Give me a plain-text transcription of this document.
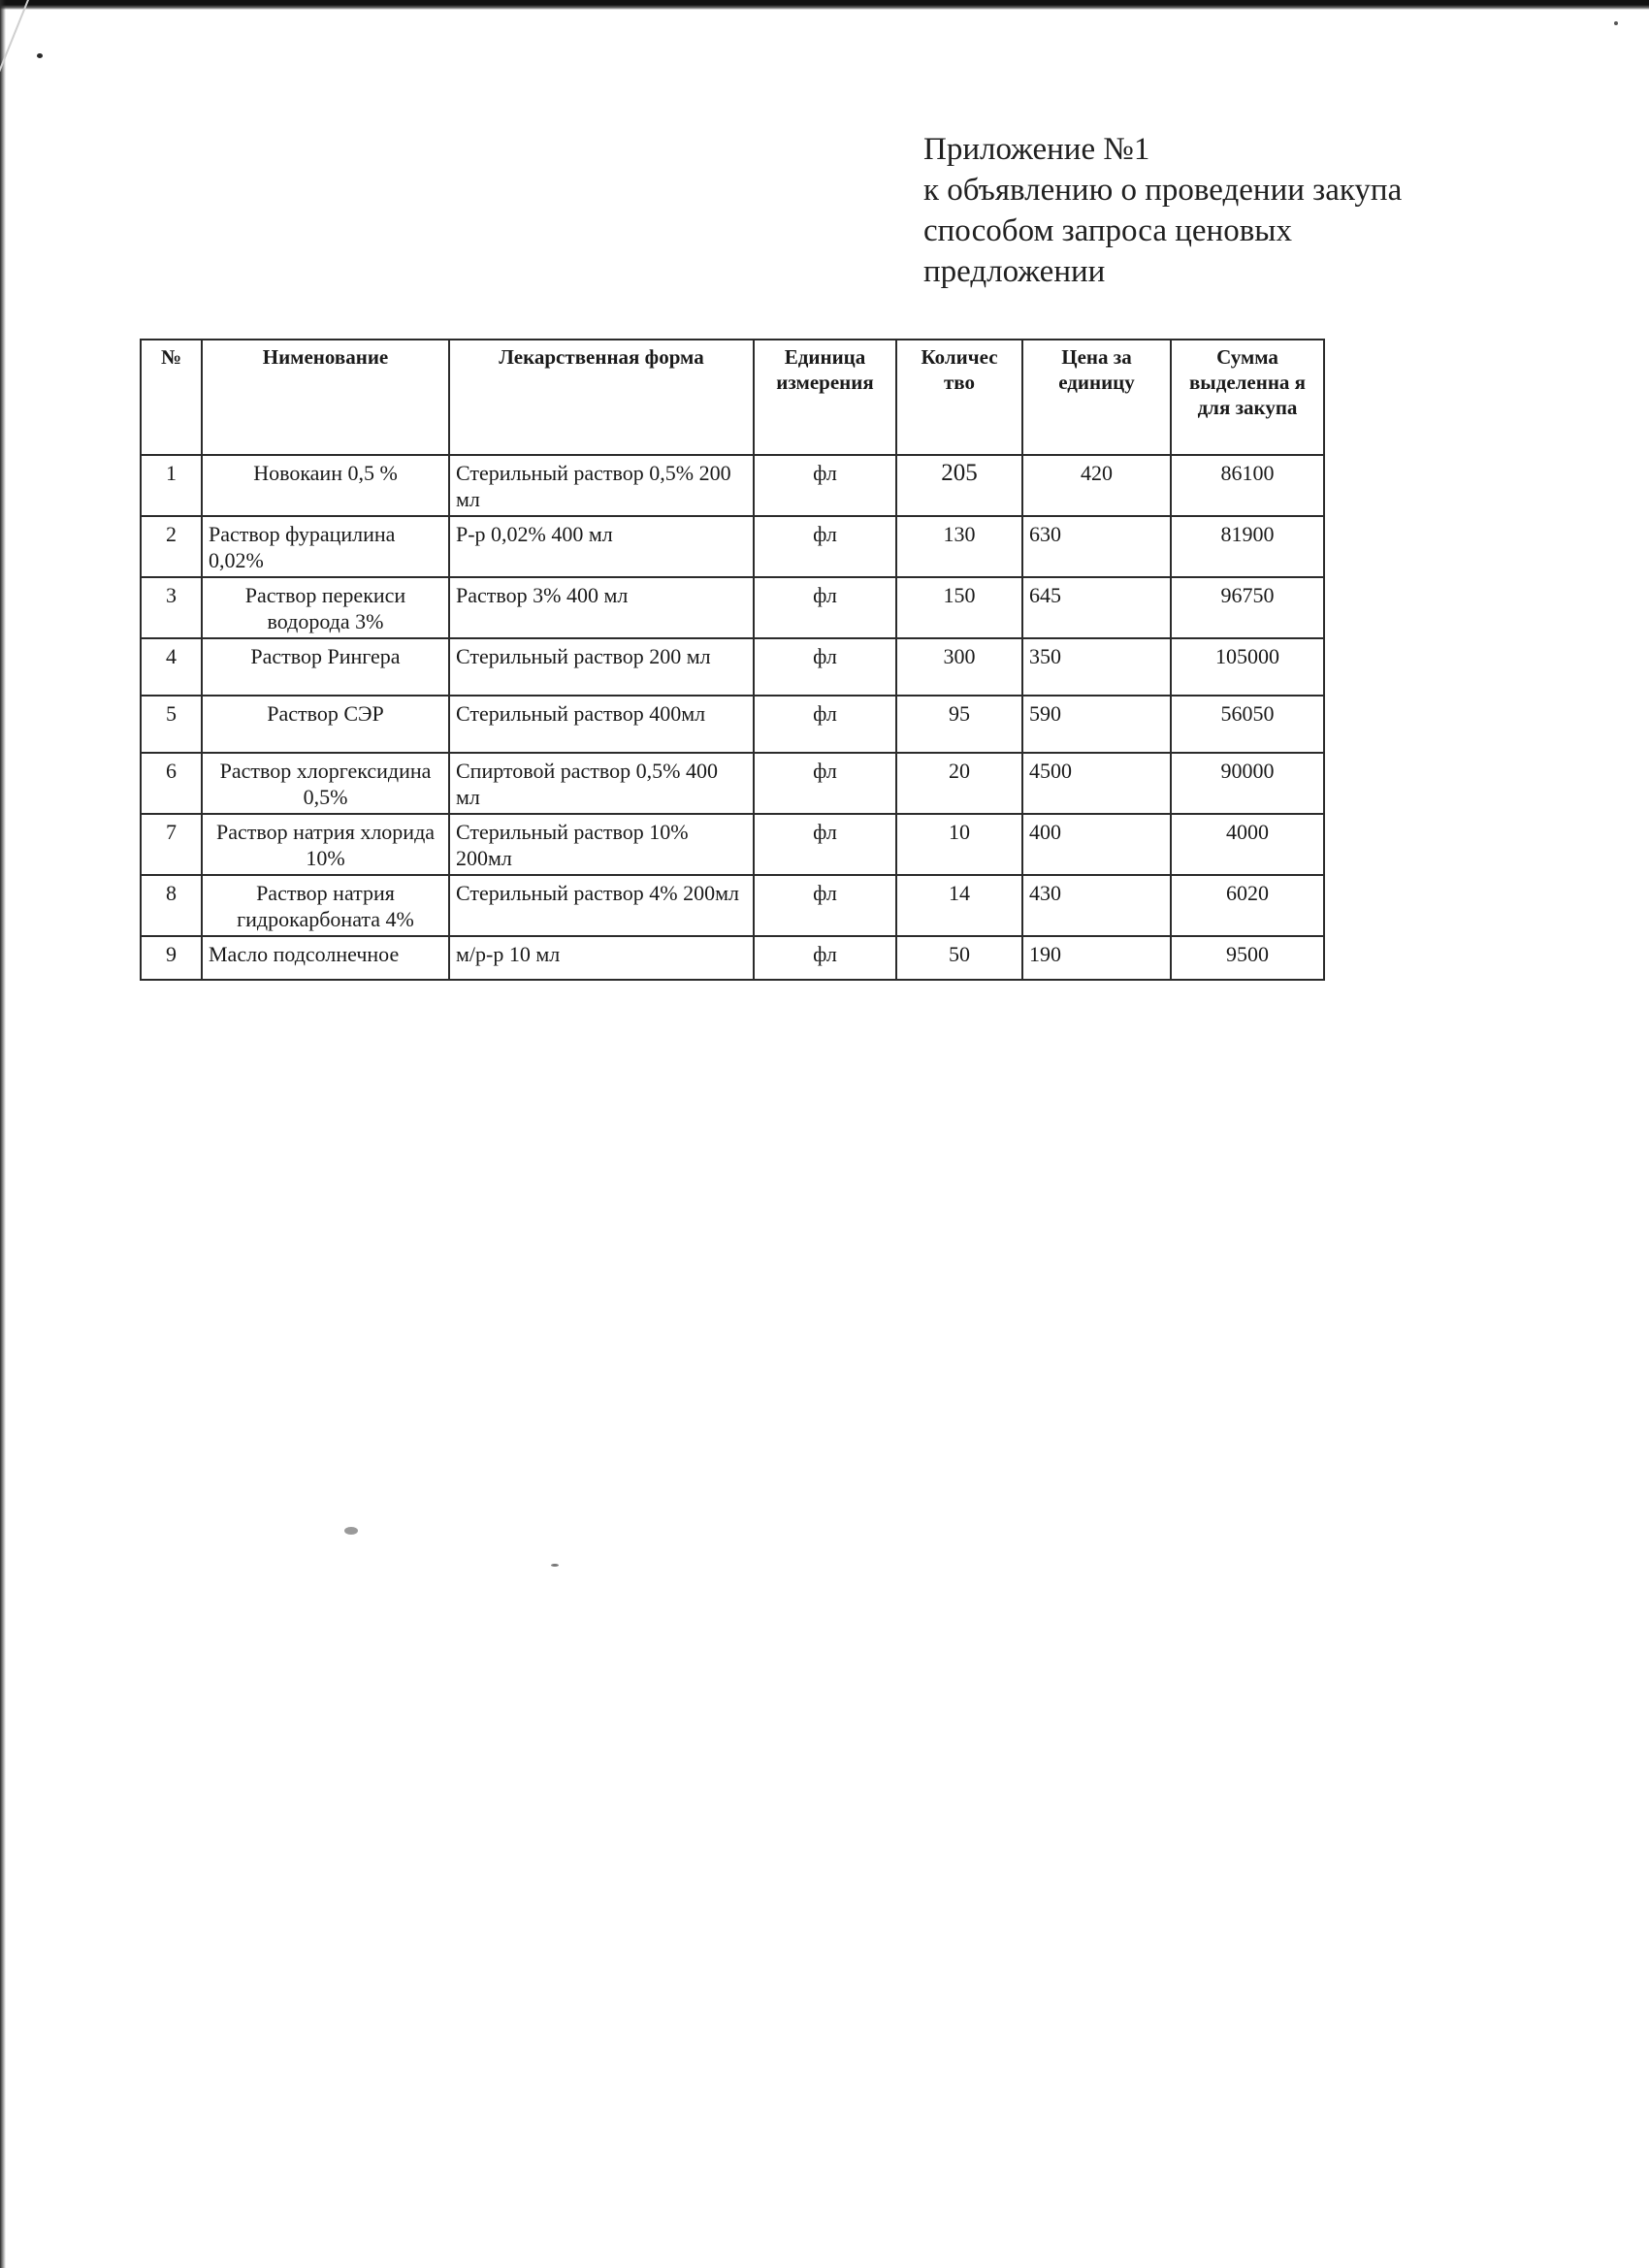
Приложение №1
к объявлению о проведении закупа
способом запроса ценовых
предложении
№	Нименование	Лекарственная форма	Единица измерения	Количес тво	Цена за единицу	Сумма выделенна я для закупа
1	Новокаин 0,5 %	Стерильный раствор 0,5% 200 мл	фл	205	420	86100
2	Раствор фурацилина 0,02%	Р-р 0,02% 400 мл	фл	130	630	81900
3	Раствор перекиси водорода 3%	Раствор 3% 400 мл	фл	150	645	96750
4	Раствор Рингера	Стерильный раствор 200 мл	фл	300	350	105000
5	Раствор СЭР	Стерильный раствор 400мл	фл	95	590	56050
6	Раствор хлоргексидина 0,5%	Спиртовой раствор 0,5% 400 мл	фл	20	4500	90000
7	Раствор натрия хлорида 10%	Стерильный раствор 10% 200мл	фл	10	400	4000
8	Раствор натрия гидрокарбоната 4%	Стерильный раствор 4% 200мл	фл	14	430	6020
9	Масло подсолнечное	м/р-р 10 мл	фл	50	190	9500
